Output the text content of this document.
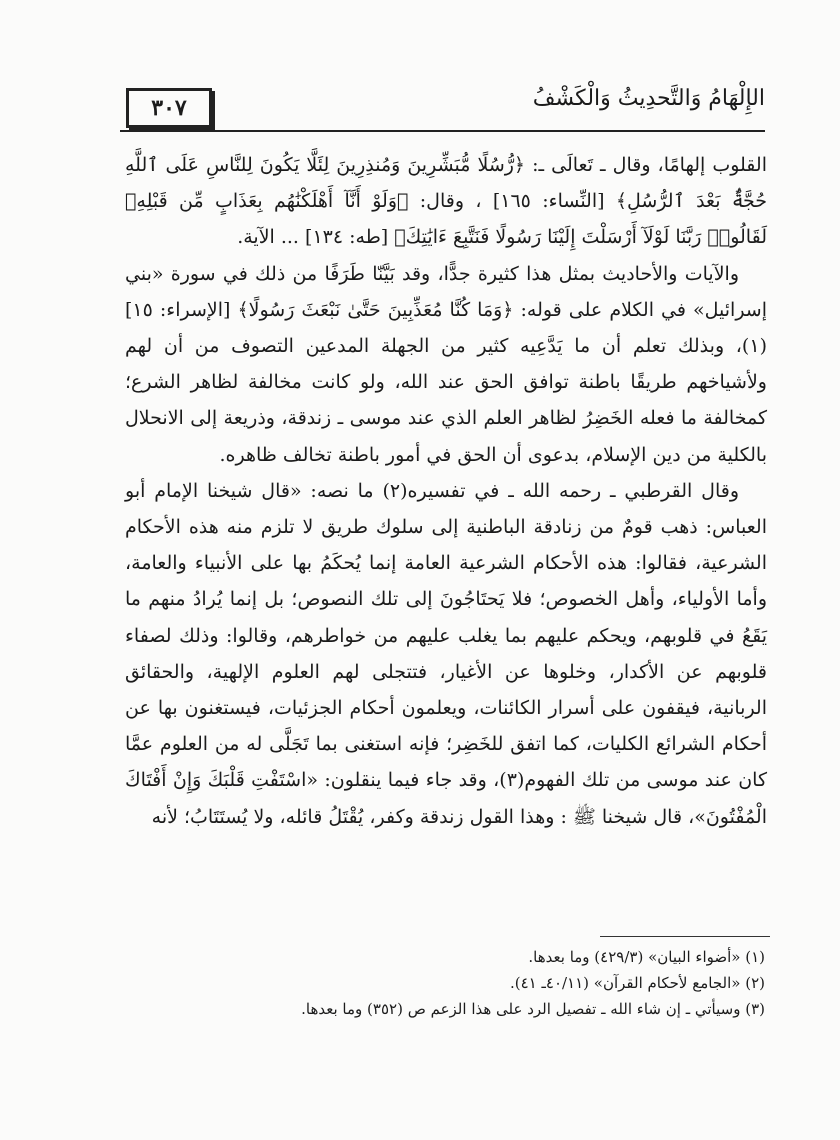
الإِلْهَامُ وَالتَّحدِيثُ وَالْكَشْفُ
٣٠٧

القلوب إلهامًا، وقال ـ تَعالَى ـ: ﴿رُّسُلًا مُّبَشِّرِينَ وَمُنذِرِينَ لِئَلَّا يَكُونَ لِلنَّاسِ عَلَى ٱللَّهِ حُجَّةٌۢ بَعْدَ ٱلرُّسُلِ﴾ [النِّساء: ١٦٥] ، وقال: ﴿وَلَوْ أَنَّآ أَهْلَكْنَٰهُم بِعَذَابٍ مِّن قَبْلِهِۦ لَقَالُوا۟ رَبَّنَا لَوْلَآ أَرْسَلْتَ إِلَيْنَا رَسُولًا فَنَتَّبِعَ ءَايَٰتِكَ﴾ [طه: ١٣٤] ... الآية.

والآيات والأحاديث بمثل هذا كثيرة جدًّا، وقد بَيَّنّا طَرَفًا من ذلك في سورة «بني إسرائيل» في الكلام على قوله: ﴿وَمَا كُنَّا مُعَذِّبِينَ حَتَّىٰ نَبْعَثَ رَسُولًا﴾ [الإسراء: ١٥](١)، وبذلك تعلم أن ما يَدَّعِيه كثير من الجهلة المدعين التصوف من أن لهم ولأشياخهم طريقًا باطنة توافق الحق عند الله، ولو كانت مخالفة لظاهر الشرع؛ كمخالفة ما فعله الخَضِرُ لظاهر العلم الذي عند موسى ـ زندقة، وذريعة إلى الانحلال بالكلية من دين الإسلام، بدعوى أن الحق في أمور باطنة تخالف ظاهره.

وقال القرطبي ـ رحمه الله ـ في تفسيره(٢) ما نصه: «قال شيخنا الإمام أبو العباس: ذهب قومٌ من زنادقة الباطنية إلى سلوك طريق لا تلزم منه هذه الأحكام الشرعية، فقالوا: هذه الأحكام الشرعية العامة إنما يُحكَمُ بها على الأنبياء والعامة، وأما الأولياء، وأهل الخصوص؛ فلا يَحتَاجُونَ إلى تلك النصوص؛ بل إنما يُرادُ منهم ما يَقَعُ في قلوبهم، ويحكم عليهم بما يغلب عليهم من خواطرهم، وقالوا: وذلك لصفاء قلوبهم عن الأكدار، وخلوها عن الأغيار، فتتجلى لهم العلوم الإلهية، والحقائق الربانية، فيقفون على أسرار الكائنات، ويعلمون أحكام الجزئيات، فيستغنون بها عن أحكام الشرائع الكليات، كما اتفق للخَضِر؛ فإنه استغنى بما تَجَلَّى له من العلوم عمَّا كان عند موسى من تلك الفهوم(٣)، وقد جاء فيما ينقلون: «اسْتَفْتِ قَلْبَكَ وَإِنْ أَفْتَاكَ الْمُفْتُونَ»، قال شيخنا ﷺ : وهذا القول زندقة وكفر، يُقْتَلُ قائله، ولا يُستَتَابُ؛ لأنه

(١) «أضواء البيان» (٤٢٩/٣) وما بعدها.
(٢) «الجامع لأحكام القرآن» (٤٠/١١ـ ٤١).
(٣) وسيأتي ـ إن شاء الله ـ تفصيل الرد على هذا الزعم ص (٣٥٢) وما بعدها.
